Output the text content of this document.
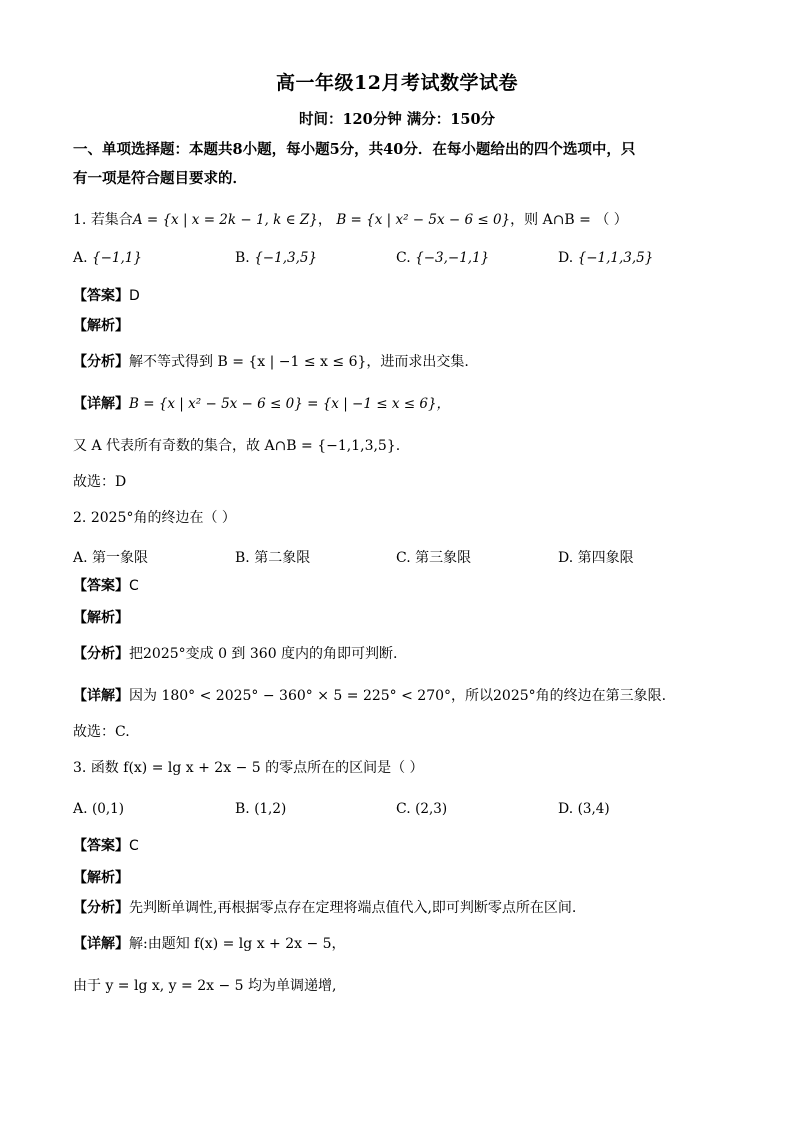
高一年级12月考试数学试卷
时间：120分钟 满分：150分
一、单项选择题：本题共8小题，每小题5分，共40分．在每小题给出的四个选项中，只
有一项是符合题目要求的．
1. 若集合A = {x | x = 2k − 1, k ∈ Z}， B = {x | x² − 5x − 6 ≤ 0}，则 A∩B = （ ）
A. {−1,1}	B. {−1,3,5}	C. {−3,−1,1}	D. {−1,1,3,5}
【答案】D
【解析】
【分析】解不等式得到 B = {x | −1 ≤ x ≤ 6}，进而求出交集.
【详解】B = {x | x² − 5x − 6 ≤ 0} = {x | −1 ≤ x ≤ 6}，
又 A 代表所有奇数的集合，故 A∩B = {−1,1,3,5}.
故选：D
2. 2025°角的终边在（ ）
A. 第一象限	B. 第二象限	C. 第三象限	D. 第四象限
【答案】C
【解析】
【分析】把2025°变成 0 到 360 度内的角即可判断.
【详解】因为 180° < 2025° − 360° × 5 = 225° < 270°，所以2025°角的终边在第三象限.
故选：C.
3. 函数 f(x) = lg x + 2x − 5 的零点所在的区间是（ ）
A. (0,1)	B. (1,2)	C. (2,3)	D. (3,4)
【答案】C
【解析】
【分析】先判断单调性,再根据零点存在定理将端点值代入,即可判断零点所在区间.
【详解】解:由题知 f(x) = lg x + 2x − 5，
由于 y = lg x, y = 2x − 5 均为单调递增,
